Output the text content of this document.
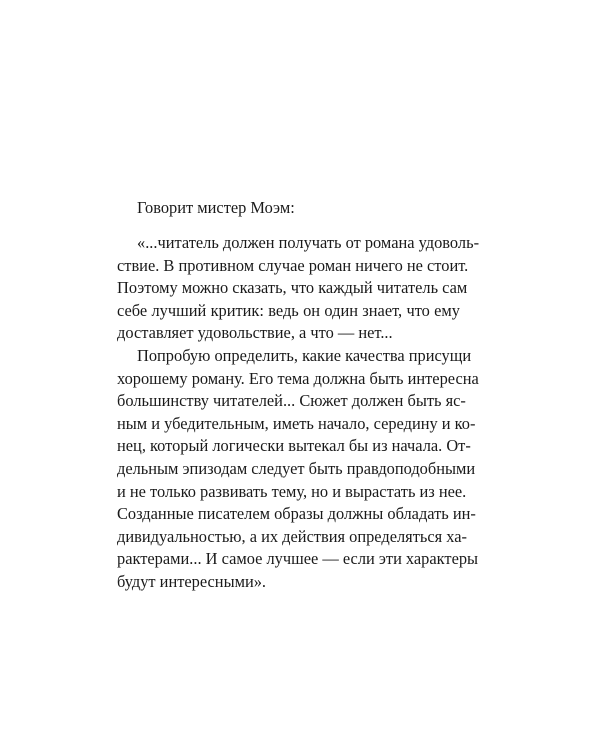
Говорит мистер Моэм:

«...читатель должен получать от романа удоволь-
ствие. В противном случае роман ничего не стоит.
Поэтому можно сказать, что каждый читатель сам
себе лучший критик: ведь он один знает, что ему
доставляет удовольствие, а что — нет...

Попробую определить, какие качества присущи
хорошему роману. Его тема должна быть интересна
большинству читателей... Сюжет должен быть яс-
ным и убедительным, иметь начало, середину и ко-
нец, который логически вытекал бы из начала. От-
дельным эпизодам следует быть правдоподобными
и не только развивать тему, но и вырастать из нее.
Созданные писателем образы должны обладать ин-
дивидуальностью, а их действия определяться ха-
рактерами... И самое лучшее — если эти характеры
будут интересными».
